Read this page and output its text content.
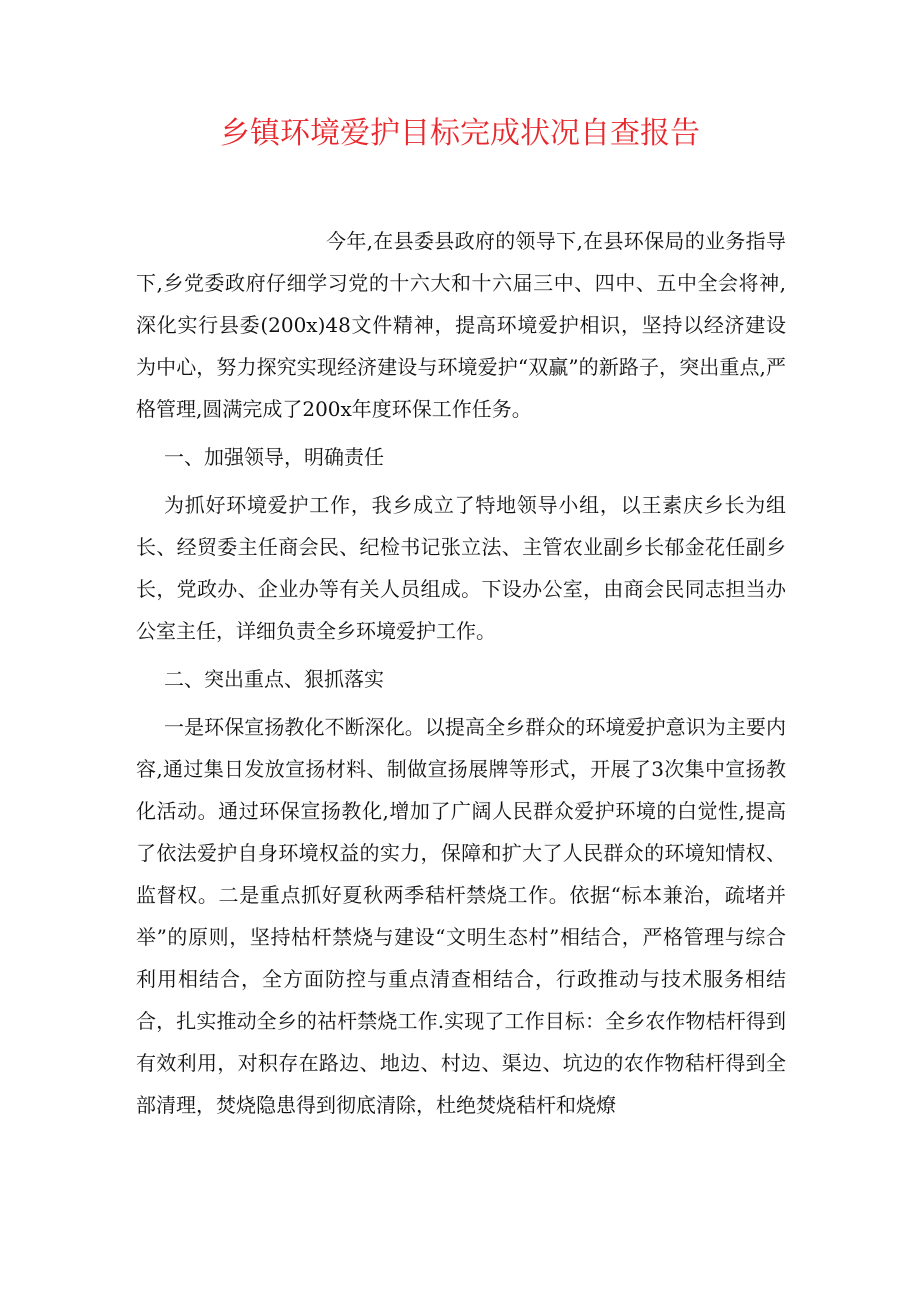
乡镇环境爱护目标完成状况自查报告

今年,在县委县政府的领导下,在县环保局的业务指导下,乡党委政府仔细学习党的十六大和十六届三中、四中、五中全会将神,深化实行县委(200x)48文件精神，提高环境爱护相识，坚持以经济建设为中心，努力探究实现经济建设与环境爱护“双赢”的新路子，突出重点,严格管理,圆满完成了200x年度环保工作任务。

一、加强领导，明确责任

为抓好环境爱护工作，我乡成立了特地领导小组，以王素庆乡长为组长、经贸委主任商会民、纪检书记张立法、主管农业副乡长郁金花任副乡长，党政办、企业办等有关人员组成。下设办公室，由商会民同志担当办公室主任，详细负责全乡环境爱护工作。

二、突出重点、狠抓落实

一是环保宣扬教化不断深化。以提高全乡群众的环境爱护意识为主要内容,通过集日发放宣扬材料、制做宣扬展牌等形式，开展了3次集中宣扬教化活动。通过环保宣扬教化,增加了广阔人民群众爱护环境的白觉性,提高了依法爱护自身环境权益的实力，保障和扩大了人民群众的环境知情权、监督权。二是重点抓好夏秋两季秸杆禁烧工作。依据“标本兼治，疏堵并举”的原则，坚持枯杆禁烧与建设“文明生态村”相结合，严格管理与综合利用相结合，全方面防控与重点清查相结合，行政推动与技术服务相结合，扎实推动全乡的祜杆禁烧工作.实现了工作目标：全乡农作物桔杆得到有效利用，对积存在路边、地边、村边、渠边、坑边的农作物秸杆得到全部清理，焚烧隐患得到彻底清除，杜绝焚烧秸杆和烧燎
